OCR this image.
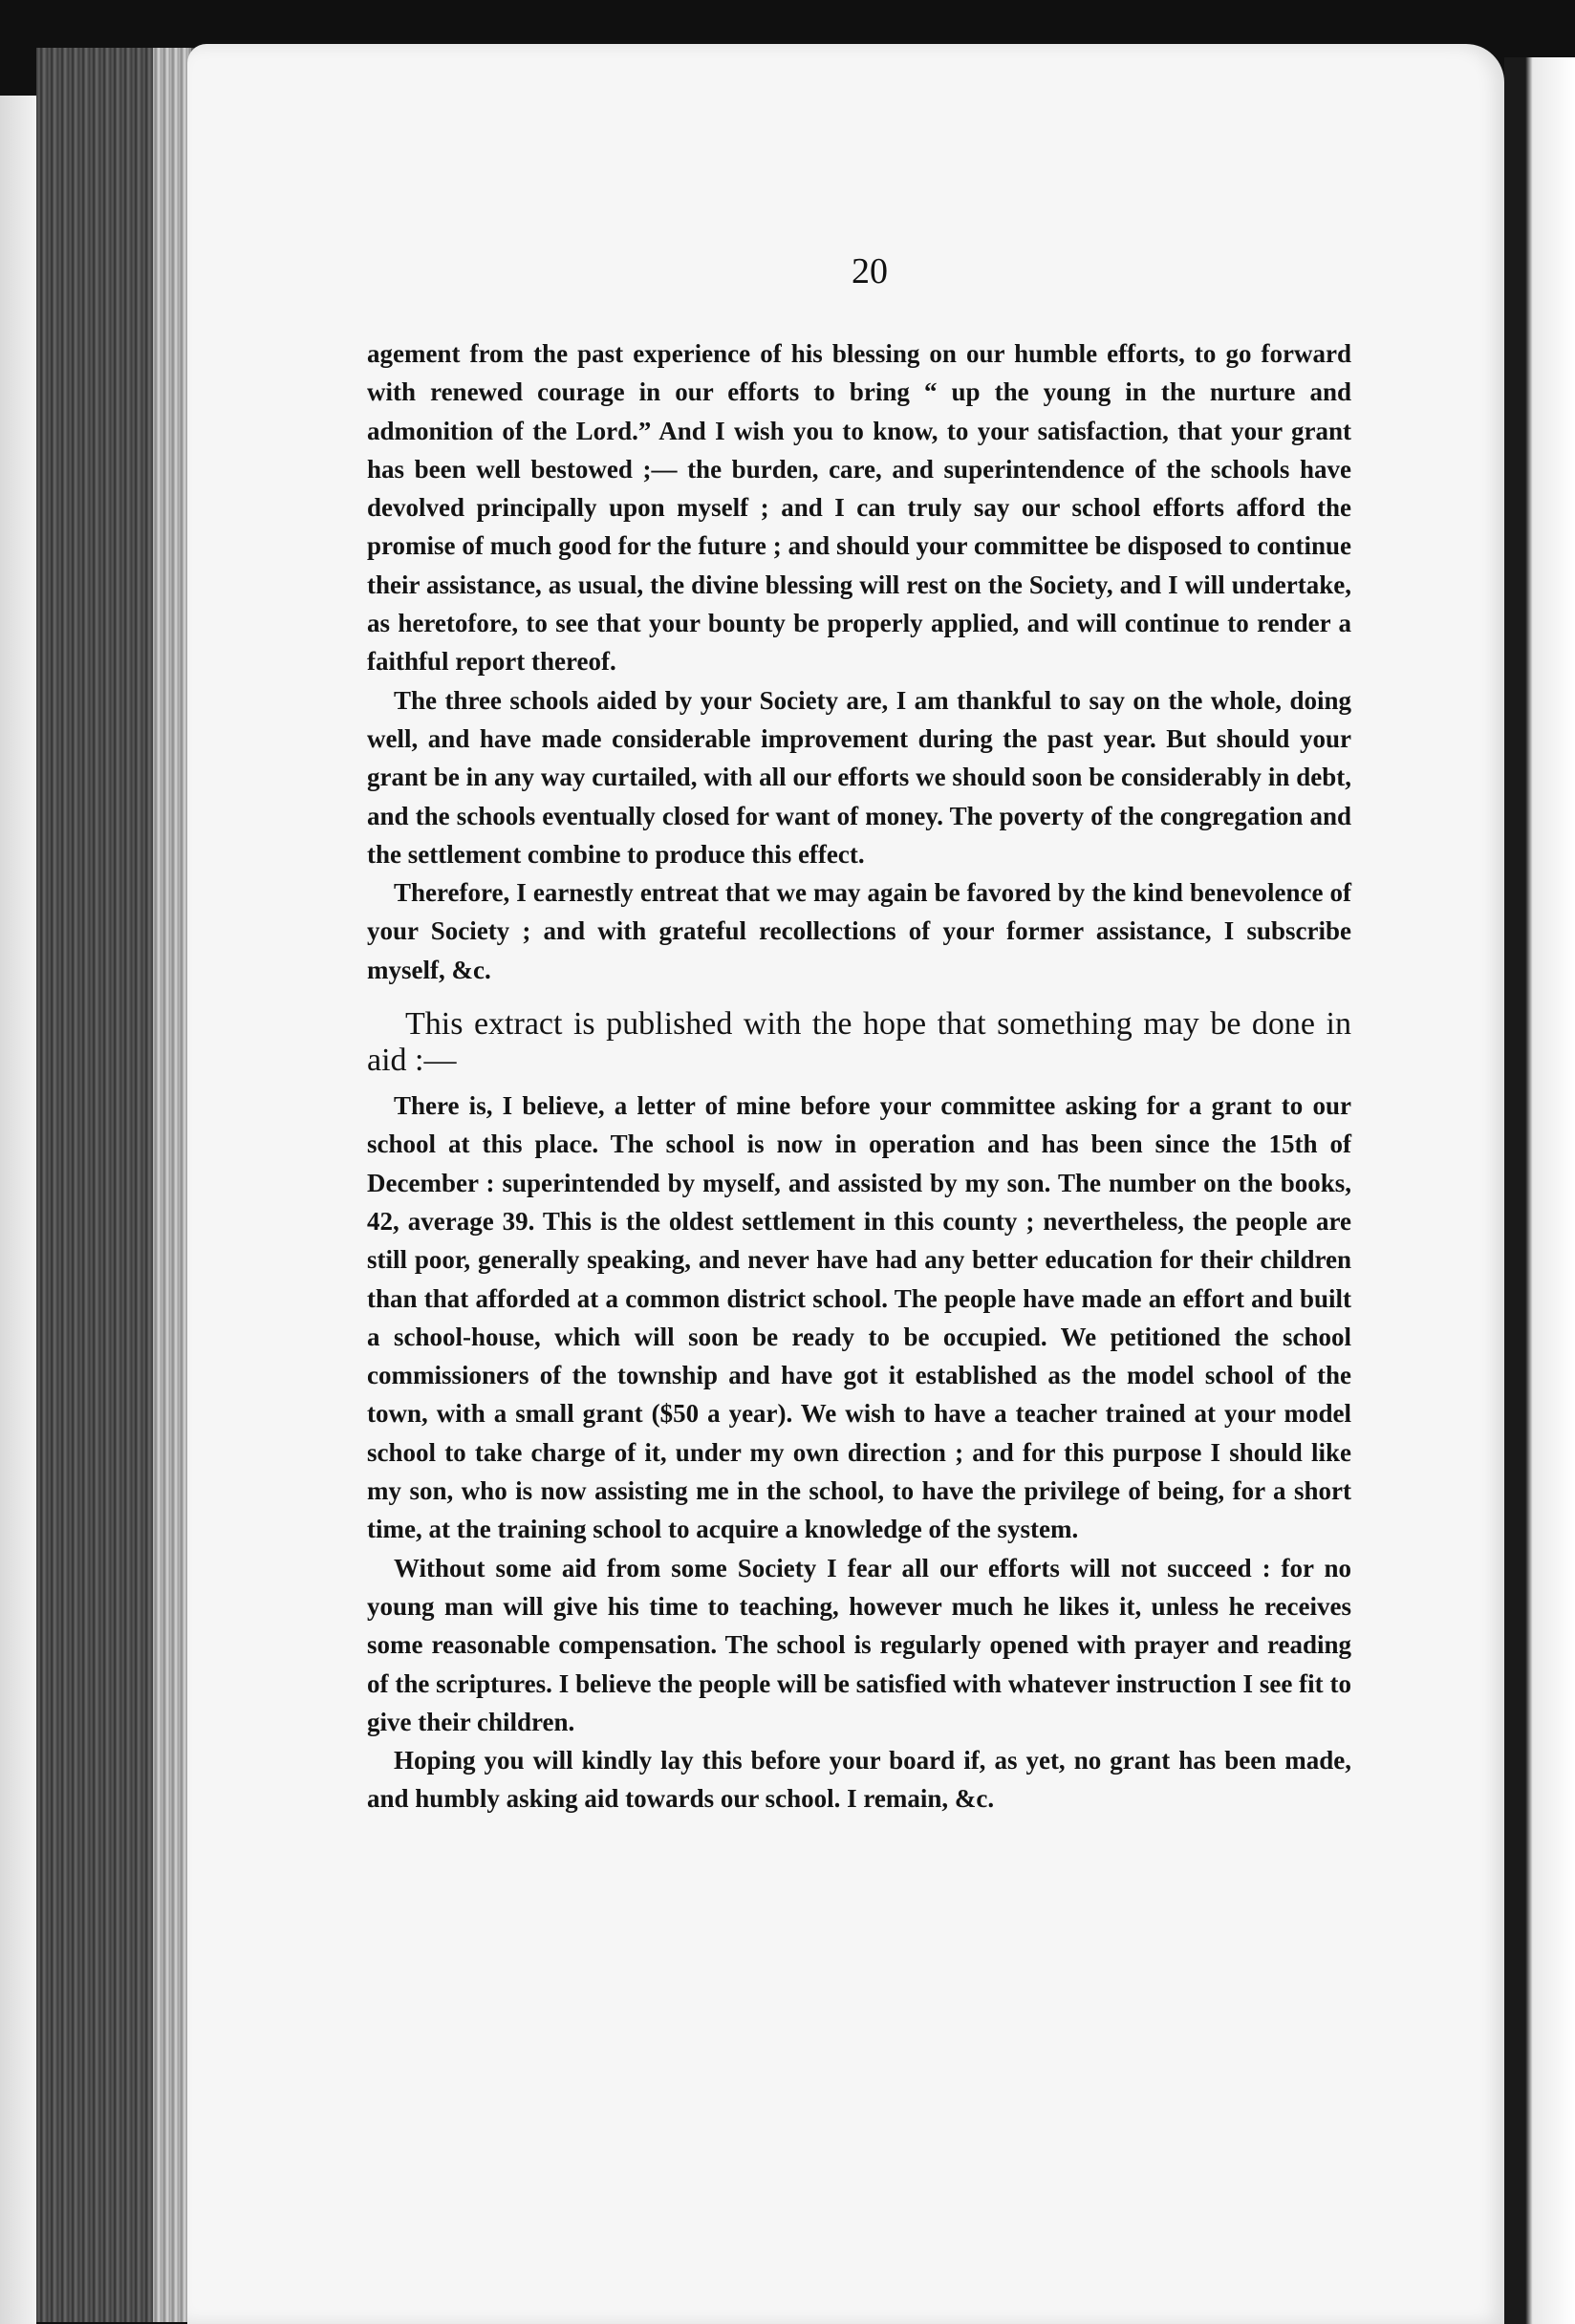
20

agement from the past experience of his blessing on our humble efforts, to go forward with renewed courage in our efforts to bring “ up the young in the nurture and admonition of the Lord.” And I wish you to know, to your satisfaction, that your grant has been well bestowed ;— the burden, care, and superintendence of the schools have devolved principally upon myself ; and I can truly say our school efforts afford the promise of much good for the future ; and should your committee be disposed to continue their assistance, as usual, the divine blessing will rest on the Society, and I will undertake, as heretofore, to see that your bounty be properly applied, and will continue to render a faithful report thereof.

The three schools aided by your Society are, I am thankful to say on the whole, doing well, and have made considerable improvement during the past year. But should your grant be in any way curtailed, with all our efforts we should soon be considerably in debt, and the schools eventually closed for want of money. The poverty of the congregation and the settlement combine to produce this effect.

Therefore, I earnestly entreat that we may again be favored by the kind benevolence of your Society ; and with grateful recollections of your former assistance, I subscribe myself, &c.

This extract is published with the hope that something may be done in aid :—

There is, I believe, a letter of mine before your committee asking for a grant to our school at this place. The school is now in operation and has been since the 15th of December : superintended by myself, and assisted by my son. The number on the books, 42, average 39. This is the oldest settlement in this county ; nevertheless, the people are still poor, generally speaking, and never have had any better education for their children than that afforded at a common district school. The people have made an effort and built a school-house, which will soon be ready to be occupied. We petitioned the school commissioners of the township and have got it established as the model school of the town, with a small grant ($50 a year). We wish to have a teacher trained at your model school to take charge of it, under my own direction ; and for this purpose I should like my son, who is now assisting me in the school, to have the privilege of being, for a short time, at the training school to acquire a knowledge of the system.

Without some aid from some Society I fear all our efforts will not succeed : for no young man will give his time to teaching, however much he likes it, unless he receives some reasonable compensation. The school is regularly opened with prayer and reading of the scriptures. I believe the people will be satisfied with whatever instruction I see fit to give their children.

Hoping you will kindly lay this before your board if, as yet, no grant has been made, and humbly asking aid towards our school. I remain, &c.
